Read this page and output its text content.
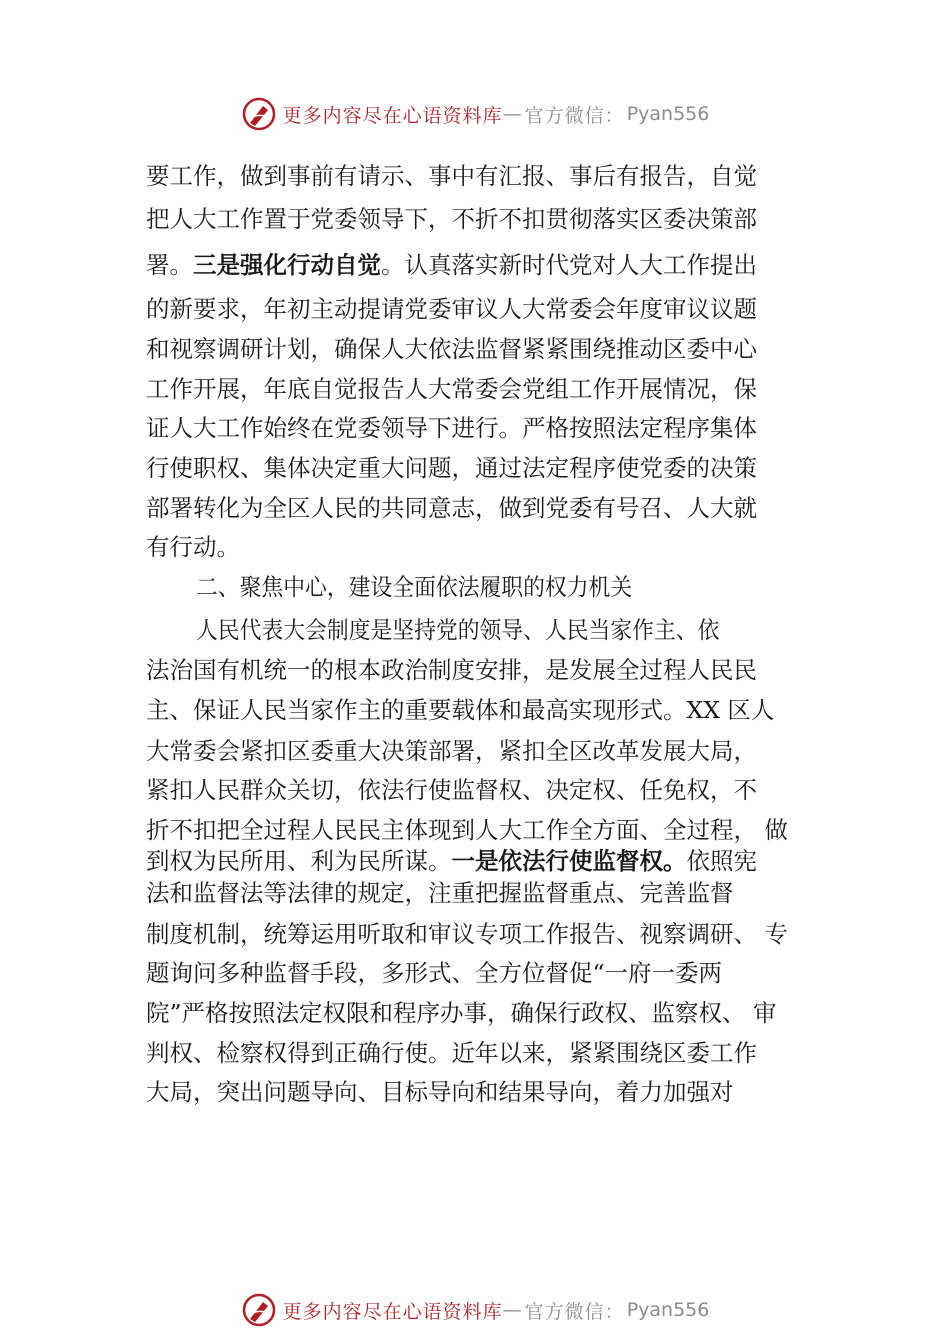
更多内容尽在心语资料库 — 官方微信： Pyan556
要工作，做到事前有请示、事中有汇报、事后有报告，自觉
把人大工作置于党委领导下，不折不扣贯彻落实区委决策部
署。三是强化行动自觉。认真落实新时代党对人大工作提出
的新要求，年初主动提请党委审议人大常委会年度审议议题
和视察调研计划，确保人大依法监督紧紧围绕推动区委中心
工作开展，年底自觉报告人大常委会党组工作开展情况，保
证人大工作始终在党委领导下进行。严格按照法定程序集体
行使职权、集体决定重大问题，通过法定程序使党委的决策
部署转化为全区人民的共同意志，做到党委有号召、人大就
有行动。
二、聚焦中心，建设全面依法履职的权力机关
人民代表大会制度是坚持党的领导、人民当家作主、依
法治国有机统一的根本政治制度安排，是发展全过程人民民
主、保证人民当家作主的重要载体和最高实现形式。XX 区人
大常委会紧扣区委重大决策部署，紧扣全区改革发展大局，
紧扣人民群众关切，依法行使监督权、决定权、任免权，不
折不扣把全过程人民民主体现到人大工作全方面、全过程， 做
到权为民所用、利为民所谋。一是依法行使监督权。依照宪
法和监督法等法律的规定，注重把握监督重点、完善监督
制度机制，统筹运用听取和审议专项工作报告、视察调研、 专
题询问多种监督手段，多形式、全方位督促“一府一委两
院”严格按照法定权限和程序办事，确保行政权、监察权、 审
判权、检察权得到正确行使。近年以来，紧紧围绕区委工作
大局，突出问题导向、目标导向和结果导向，着力加强对
更多内容尽在心语资料库 — 官方微信： Pyan556
